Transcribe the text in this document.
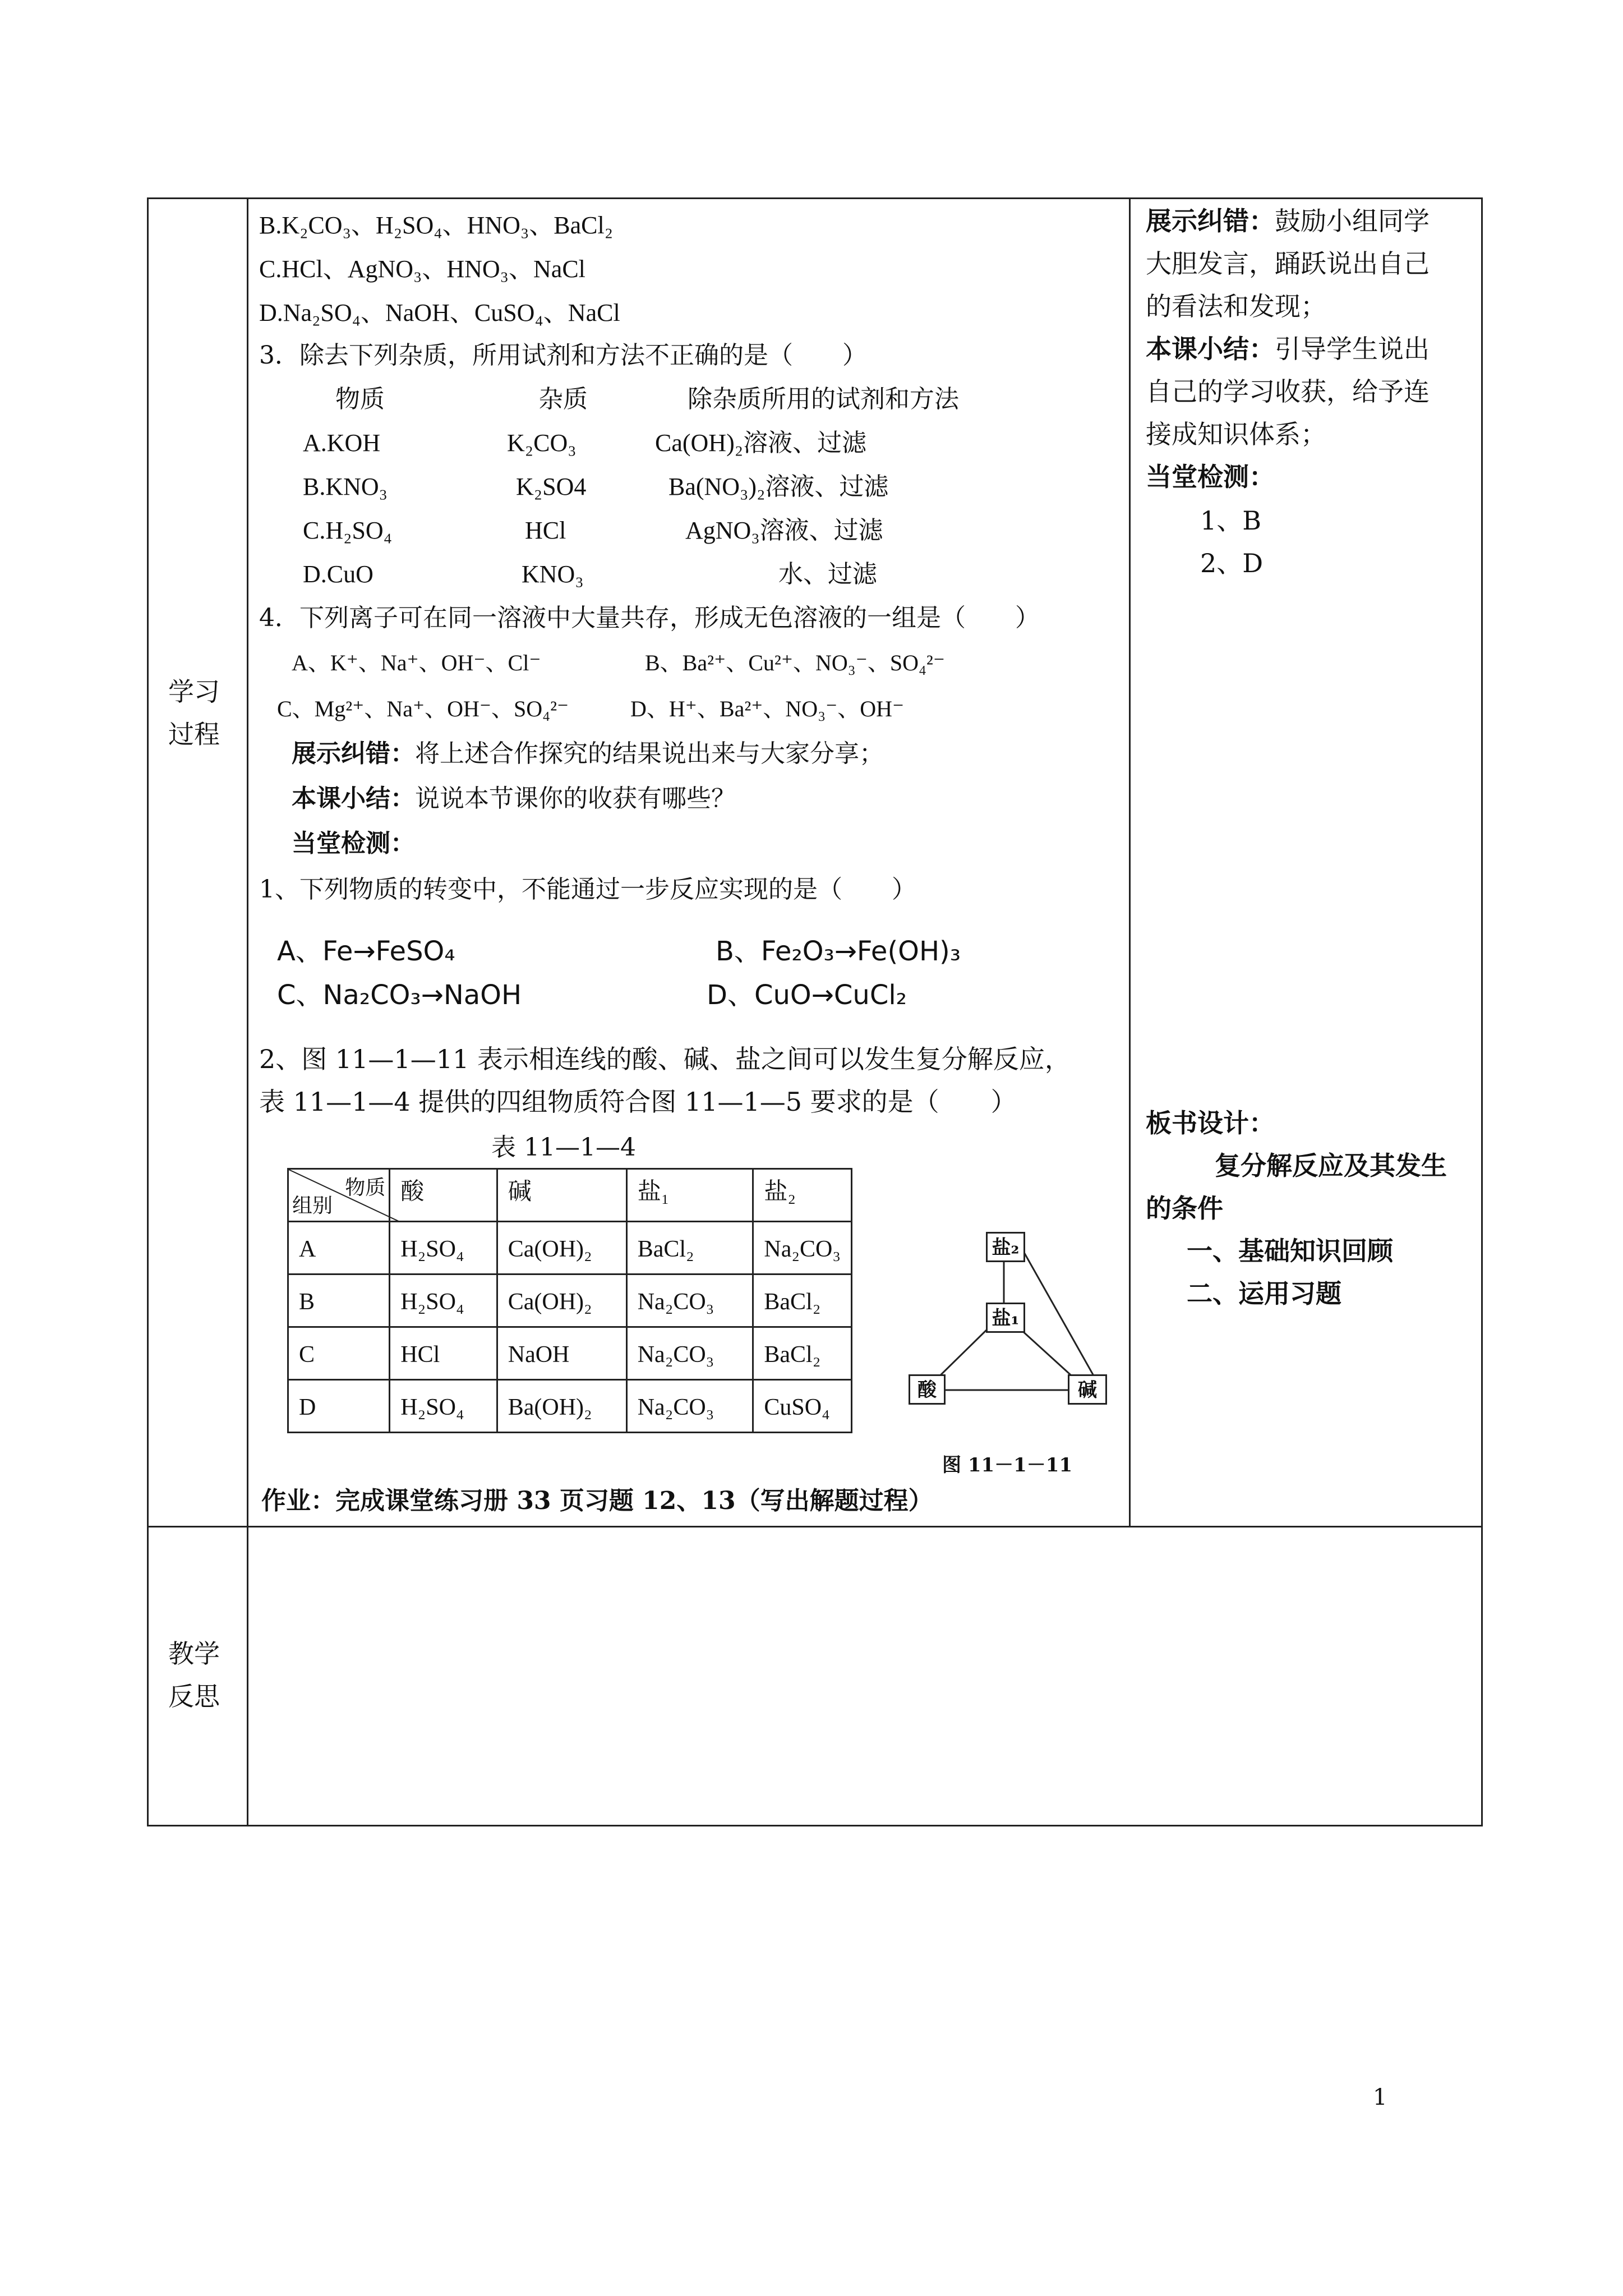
学习
过程
教学
反思
B.K₂CO₃、H₂SO₄、HNO₃、BaCl₂
C.HCl、AgNO₃、HNO₃、NaCl
D.Na₂SO₄、NaOH、CuSO₄、NaCl
3．除去下列杂质，所用试剂和方法不正确的是（　　）
物质	杂质	除杂质所用的试剂和方法
A.KOH	K₂CO₃	Ca(OH)₂溶液、过滤
B.KNO₃	K₂SO4	Ba(NO₃)₂溶液、过滤
C.H₂SO₄	HCl	AgNO₃溶液、过滤
D.CuO	KNO₃	水、过滤
4．下列离子可在同一溶液中大量共存，形成无色溶液的一组是（　　）
A、K⁺、Na⁺、OH⁻、Cl⁻	B、Ba²⁺、Cu²⁺、NO₃⁻、SO₄²⁻
C、Mg²⁺、Na⁺、OH⁻、SO₄²⁻	D、H⁺、Ba²⁺、NO₃⁻、OH⁻
展示纠错：将上述合作探究的结果说出来与大家分享；
本课小结：说说本节课你的收获有哪些？
当堂检测：
1、下列物质的转变中，不能通过一步反应实现的是（　　）
A、Fe→FeSO₄	B、Fe₂O₃→Fe(OH)₃
C、Na₂CO₃→NaOH	D、CuO→CuCl₂
2、图 11—1—11 表示相连线的酸、碱、盐之间可以发生复分解反应，
表 11—1—4 提供的四组物质符合图 11—1—5 要求的是（　　）
表 11—1—4
物质
组别	酸	碱	盐₁	盐₂
A	H₂SO₄	Ca(OH)₂	BaCl₂	Na₂CO₃
B	H₂SO₄	Ca(OH)₂	Na₂CO₃	BaCl₂
C	HCl	NaOH	Na₂CO₃	BaCl₂
D	H₂SO₄	Ba(OH)₂	Na₂CO₃	CuSO₄
盐₂
盐₁
酸	碱
图 11－1－11
作业：完成课堂练习册 33 页习题 12、13（写出解题过程）
展示纠错：鼓励小组同学
大胆发言，踊跃说出自己
的看法和发现；
本课小结：引导学生说出
自己的学习收获，给予连
接成知识体系；
当堂检测：
1、B
2、D
板书设计：
复分解反应及其发生
的条件
一、基础知识回顾
二、运用习题
1
